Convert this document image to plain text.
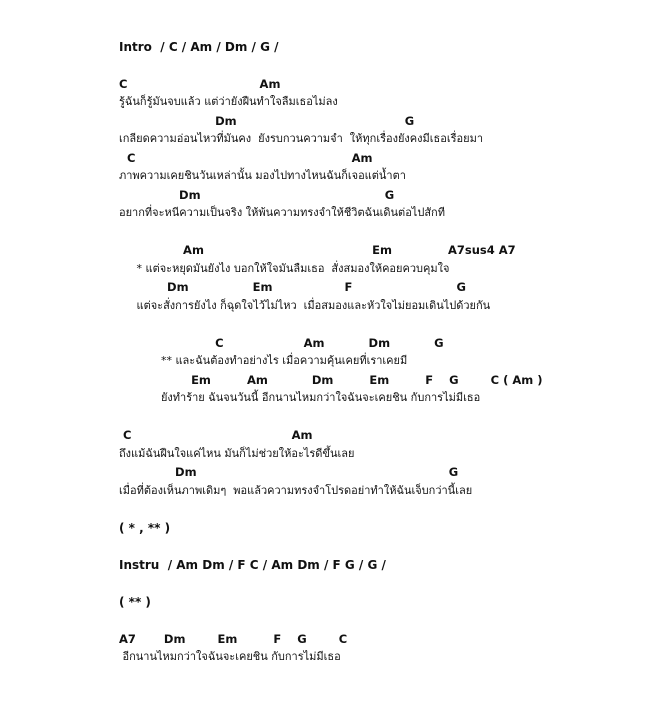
Intro  / C / Am / Dm / G /
C                                 Am
รู้ฉันก็รู้มันจบแล้ว แต่ว่ายังฝืนทำใจลืมเธอไม่ลง
Dm                                          G
เกลียดความอ่อนไหวที่มันคง  ยังรบกวนความจำ  ให้ทุกเรื่องยังคงมีเธอเรื่อยมา
C                                                      Am
ภาพความเคยชินวันเหล่านั้น มองไปทางไหนฉันก็เจอแต่น้ำตา
Dm                                              G
อยากที่จะหนีความเป็นจริง ให้พ้นความทรงจำให้ชีวิตฉันเดินต่อไปสักที
Am                                          Em              A7sus4 A7
* แต่จะหยุดมันยังไง บอกให้ใจมันลืมเธอ  สั่งสมองให้คอยควบคุมใจ
Dm                Em                  F                          G
แต่จะสั่งการยังไง ก็ฉุดใจไว้ไม่ไหว  เมื่อสมองและหัวใจไม่ยอมเดินไปด้วยกัน
C                    Am           Dm           G
** และฉันต้องทำอย่างไร เมื่อความคุ้นเคยที่เราเคยมี
Em         Am           Dm         Em         F    G        C ( Am )
ยังทำร้าย ฉันจนวันนี้ อีกนานไหมกว่าใจฉันจะเคยชิน กับการไม่มีเธอ
C                                        Am
ถึงแม้ฉันฝืนใจแค่ไหน มันก็ไม่ช่วยให้อะไรดีขึ้นเลย
Dm                                                               G
เมื่อที่ต้องเห็นภาพเดิมๆ  พอแล้วความทรงจำโปรดอย่าทำให้ฉันเจ็บกว่านี้เลย
( * , ** )
Instru  / Am Dm / F C / Am Dm / F G / G /
( ** )
A7       Dm        Em         F    G        C
อีกนานไหมกว่าใจฉันจะเคยชิน กับการไม่มีเธอ
